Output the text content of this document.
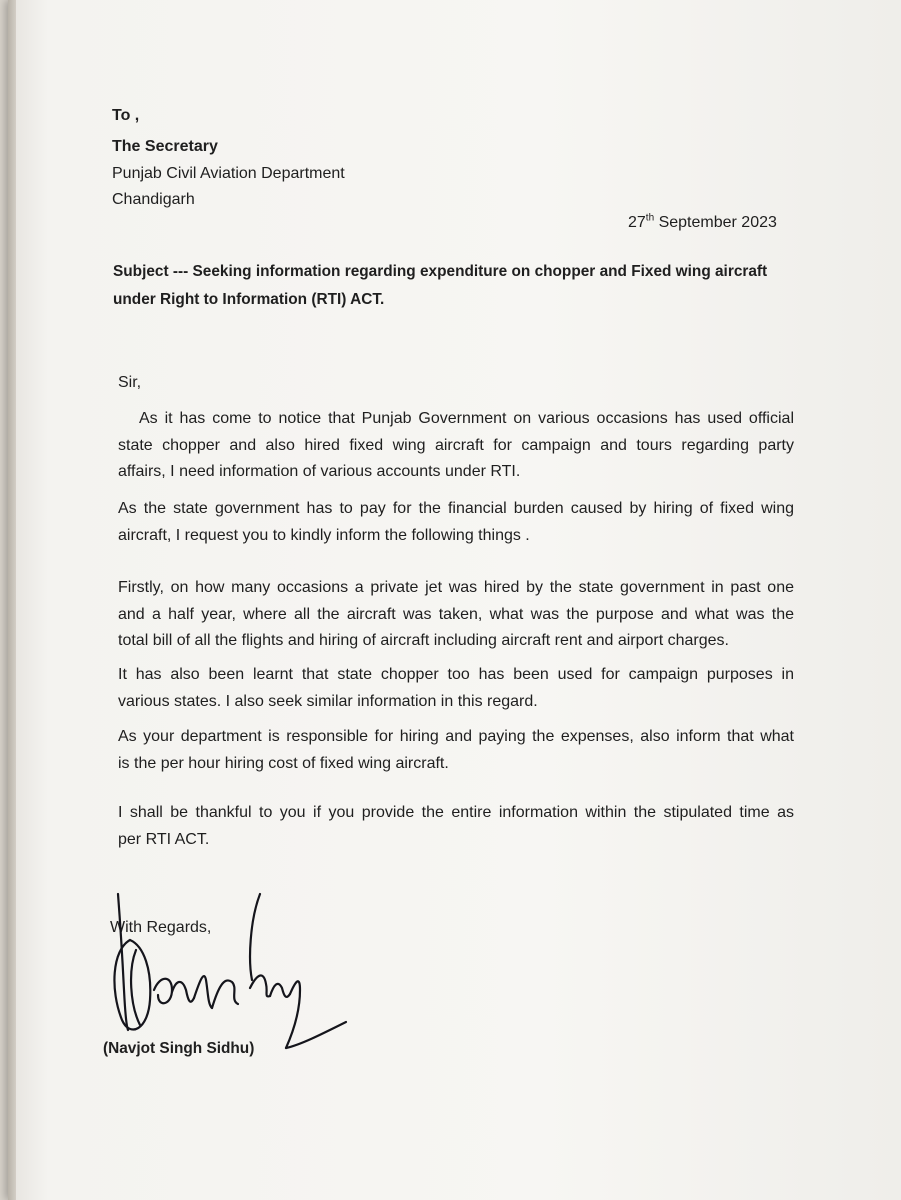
To ,

The Secretary

Punjab Civil Aviation Department

Chandigarh

27th September 2023

Subject --- Seeking information regarding expenditure on chopper and Fixed wing aircraft

under Right to Information (RTI) ACT.

Sir,

As it has come to notice that Punjab Government on various occasions has used official
state chopper and also hired fixed wing aircraft for campaign and tours regarding party
affairs, I need information of various accounts under RTI.
As the state government has to pay for the financial burden caused by hiring of fixed wing
aircraft, I request you to kindly inform the following things .
Firstly, on how many occasions a private jet was hired by the state government in past one
and a half year, where all the aircraft was taken, what was the purpose and what was the
total bill of all the flights and hiring of aircraft including aircraft rent and airport charges.
It has also been learnt that state chopper too has been used for campaign purposes in
various states. I also seek similar information in this regard.
As your department is responsible for hiring and paying the expenses, also inform that what
is the per hour hiring cost of fixed wing aircraft.
I shall be thankful to you if you provide the entire information within the stipulated time as
per RTI ACT.

With Regards,

(Navjot Singh Sidhu)
